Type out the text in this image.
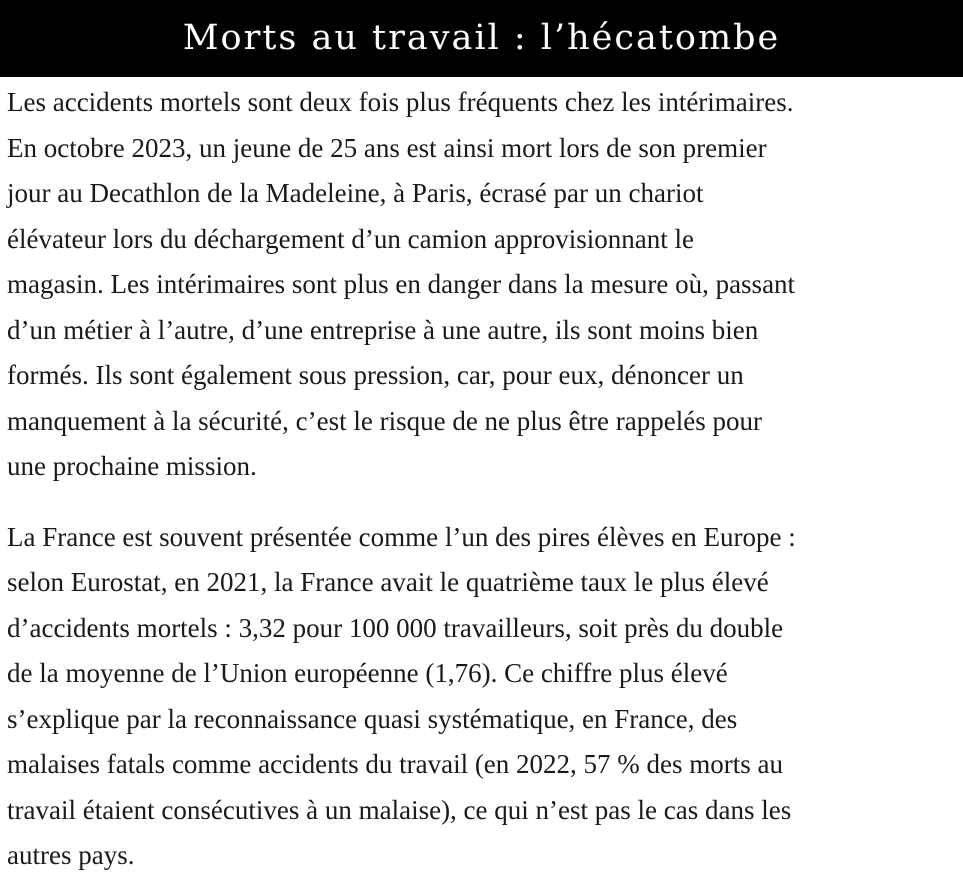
Morts au travail : l’hécatombe

Les accidents mortels sont deux fois plus fréquents chez les intérimaires.
En octobre 2023, un jeune de 25 ans est ainsi mort lors de son premier
jour au Decathlon de la Madeleine, à Paris, écrasé par un chariot
élévateur lors du déchargement d’un camion approvisionnant le
magasin. Les intérimaires sont plus en danger dans la mesure où, passant
d’un métier à l’autre, d’une entreprise à une autre, ils sont moins bien
formés. Ils sont également sous pression, car, pour eux, dénoncer un
manquement à la sécurité, c’est le risque de ne plus être rappelés pour
une prochaine mission.

La France est souvent présentée comme l’un des pires élèves en Europe :
selon Eurostat, en 2021, la France avait le quatrième taux le plus élevé
d’accidents mortels : 3,32 pour 100 000 travailleurs, soit près du double
de la moyenne de l’Union européenne (1,76). Ce chiffre plus élevé
s’explique par la reconnaissance quasi systématique, en France, des
malaises fatals comme accidents du travail (en 2022, 57 % des morts au
travail étaient consécutives à un malaise), ce qui n’est pas le cas dans les
autres pays.
